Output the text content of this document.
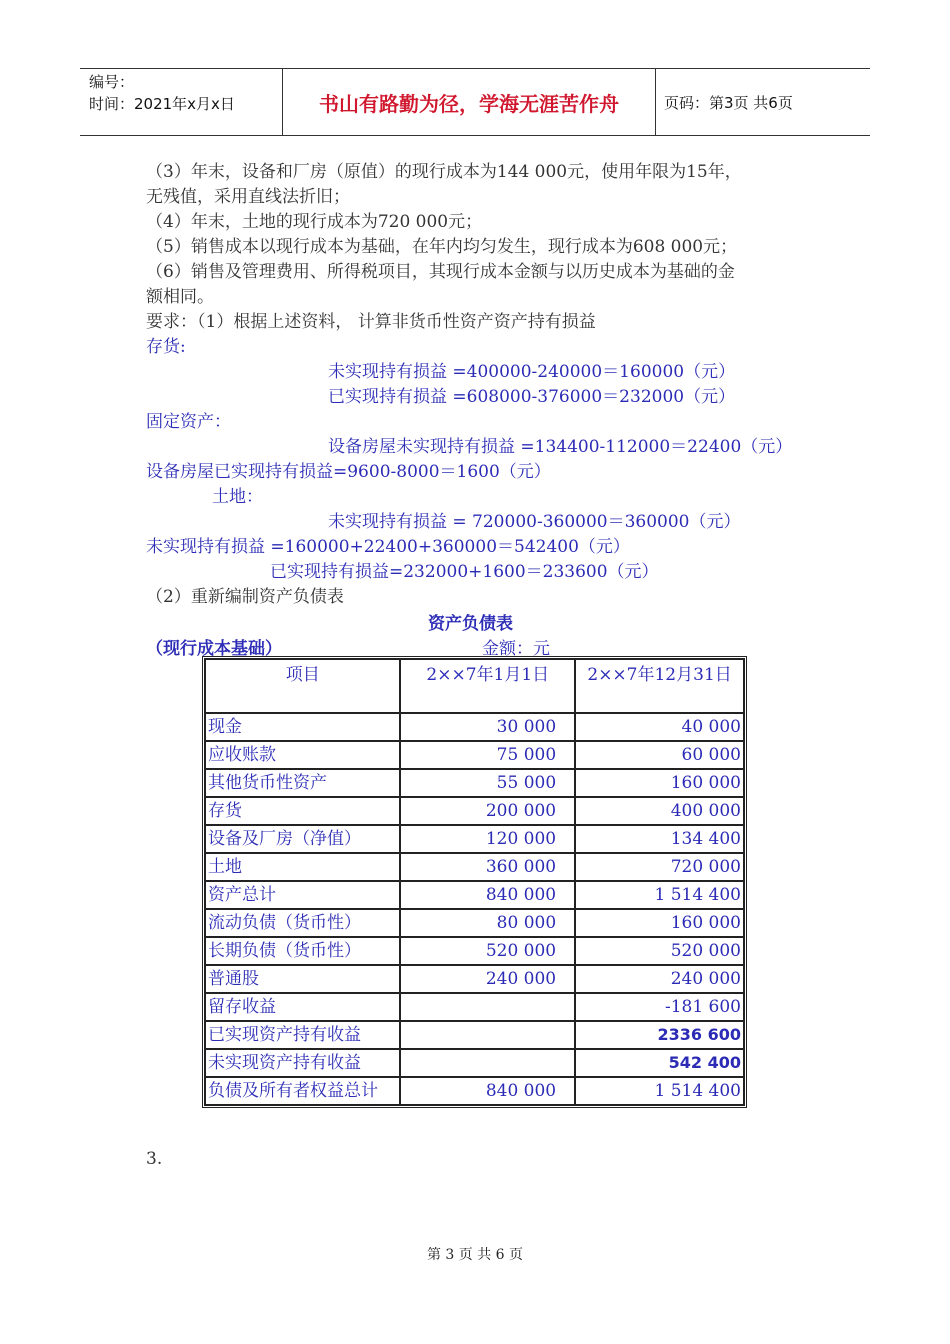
编号：
时间：2021年x月x日	书山有路勤为径，学海无涯苦作舟	页码：第3页 共6页
（3）年末，设备和厂房（原值）的现行成本为144 000元，使用年限为15年，
无残值，采用直线法折旧；
（4）年末，土地的现行成本为720 000元；
（5）销售成本以现行成本为基础，在年内均匀发生，现行成本为608 000元；
（6）销售及管理费用、所得税项目，其现行成本金额与以历史成本为基础的金
额相同。
要求：（1）根据上述资料， 计算非货币性资产资产持有损益
存货:
未实现持有损益 =400000-240000＝160000（元）
已实现持有损益 =608000-376000＝232000（元）
固定资产：
设备房屋未实现持有损益 =134400-112000＝22400（元）
设备房屋已实现持有损益=9600-8000＝1600（元）
土地：
未实现持有损益 = 720000-360000＝360000（元）
未实现持有损益 =160000+22400+360000＝542400（元）
已实现持有损益=232000+1600＝233600（元）
（2）重新编制资产负债表
资产负债表
（现行成本基础）	金额：元
项目	2××7年1月1日	2××7年12月31日
现金	30 000	40 000
应收账款	75 000	60 000
其他货币性资产	55 000	160 000
存货	200 000	400 000
设备及厂房（净值）	120 000	134 400
土地	360 000	720 000
资产总计	840 000	1 514 400
流动负债（货币性）	80 000	160 000
长期负债（货币性）	520 000	520 000
普通股	240 000	240 000
留存收益		-181 600
已实现资产持有收益		2336 600
未实现资产持有收益		542 400
负债及所有者权益总计	840 000	1 514 400
3.
第 3 页 共 6 页
